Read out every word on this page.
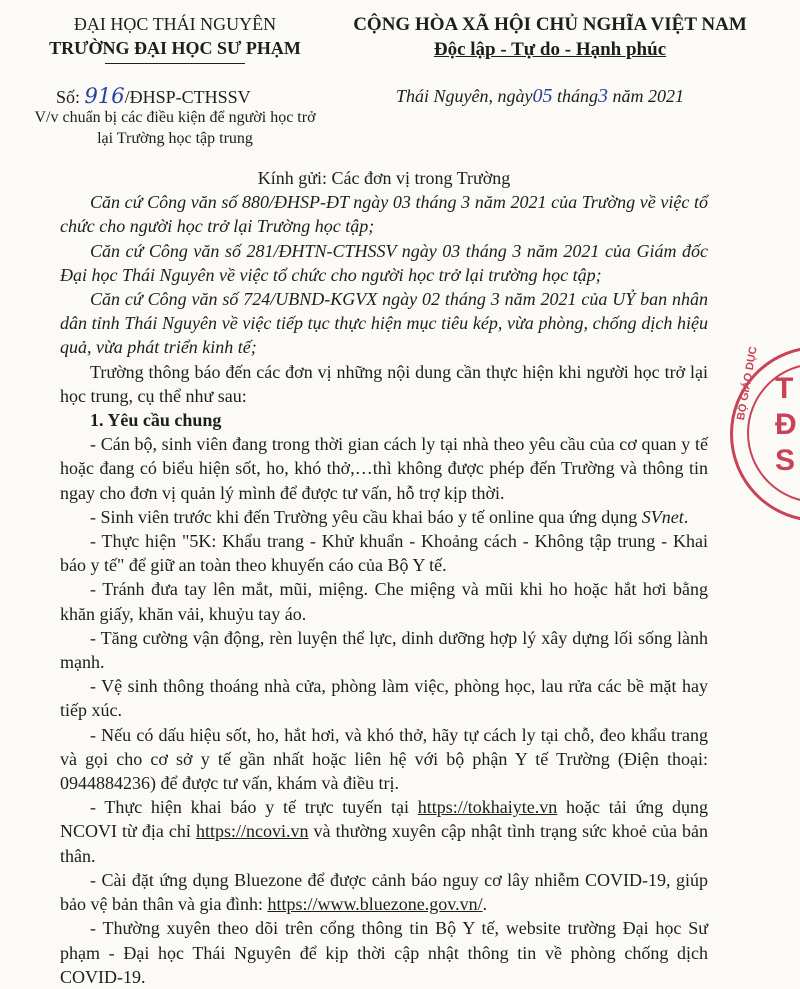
ĐẠI HỌC THÁI NGUYÊN
TRƯỜNG ĐẠI HỌC SƯ PHẠM
CỘNG HÒA XÃ HỘI CHỦ NGHĨA VIỆT NAM
Độc lập - Tự do - Hạnh phúc
Số: 916/ĐHSP-CTHSSV
V/v chuẩn bị các điều kiện để người học trở lại Trường học tập trung
Thái Nguyên, ngày05 tháng3 năm 2021

Kính gửi: Các đơn vị trong Trường

Căn cứ Công văn số 880/ĐHSP-ĐT ngày 03 tháng 3 năm 2021 của Trường về việc tổ chức cho người học trở lại Trường học tập;

Căn cứ Công văn số 281/ĐHTN-CTHSSV ngày 03 tháng 3 năm 2021 của Giám đốc Đại học Thái Nguyên về việc tổ chức cho người học trở lại trường học tập;

Căn cứ Công văn số 724/UBND-KGVX ngày 02 tháng 3 năm 2021 của UỶ ban nhân dân tỉnh Thái Nguyên về việc tiếp tục thực hiện mục tiêu kép, vừa phòng, chống dịch hiệu quả, vừa phát triển kinh tế;

Trường thông báo đến các đơn vị những nội dung cần thực hiện khi người học trở lại học trung, cụ thể như sau:

1. Yêu cầu chung

- Cán bộ, sinh viên đang trong thời gian cách ly tại nhà theo yêu cầu của cơ quan y tế hoặc đang có biểu hiện sốt, ho, khó thở,…thì không được phép đến Trường và thông tin ngay cho đơn vị quản lý mình để được tư vấn, hỗ trợ kịp thời.

- Sinh viên trước khi đến Trường yêu cầu khai báo y tế online qua ứng dụng SVnet.

- Thực hiện "5K: Khẩu trang - Khử khuẩn - Khoảng cách - Không tập trung - Khai báo y tế" để giữ an toàn theo khuyến cáo của Bộ Y tế.

- Tránh đưa tay lên mắt, mũi, miệng. Che miệng và mũi khi ho hoặc hắt hơi bằng khăn giấy, khăn vải, khuỷu tay áo.

- Tăng cường vận động, rèn luyện thể lực, dinh dưỡng hợp lý xây dựng lối sống lành mạnh.

- Vệ sinh thông thoáng nhà cửa, phòng làm việc, phòng học, lau rửa các bề mặt hay tiếp xúc.

- Nếu có dấu hiệu sốt, ho, hắt hơi, và khó thở, hãy tự cách ly tại chỗ, đeo khẩu trang và gọi cho cơ sở y tế gần nhất hoặc liên hệ với bộ phận Y tế Trường (Điện thoại: 0944884236) để được tư vấn, khám và điều trị.

- Thực hiện khai báo y tế trực tuyến tại https://tokhaiyte.vn hoặc tải ứng dụng NCOVI từ địa chỉ https://ncovi.vn và thường xuyên cập nhật tình trạng sức khoẻ của bản thân.

- Cài đặt ứng dụng Bluezone để được cảnh báo nguy cơ lây nhiễm COVID-19, giúp bảo vệ bản thân và gia đình: https://www.bluezone.gov.vn/.

- Thường xuyên theo dõi trên cổng thông tin Bộ Y tế, website trường Đại học Sư phạm - Đại học Thái Nguyên để kịp thời cập nhật thông tin về phòng chống dịch COVID-19.

T
Đ
S
BỘ GIÁO DỤC
